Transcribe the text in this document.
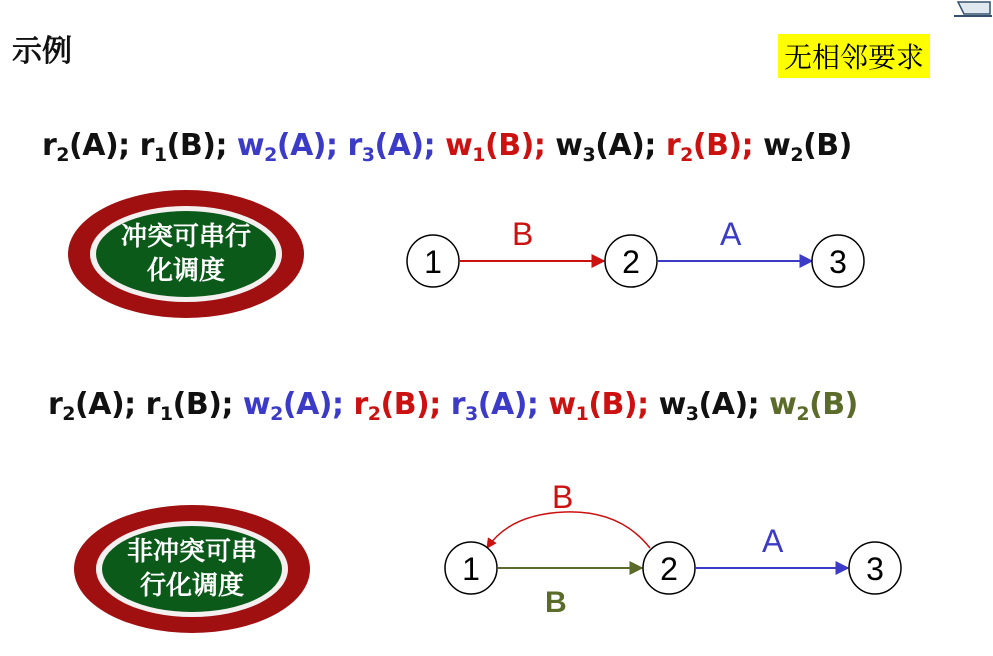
示例	无相邻要求
$r_2(A)$; $r_1(B)$; $w_2(A)$; $r_3(A)$; $w_1(B)$; $w_3(A)$; $r_2(B)$; $w_2(B)$
冲突可串行
化调度
B	A
1	2	3
B
B
A
1	2	3
$r_2(A)$; $r_1(B)$; $w_2(A)$; $r_2(B)$; $r_3(A)$; $w_1(B)$; $w_3(A)$; $w_2(B)$
非冲突可串
行化调度
